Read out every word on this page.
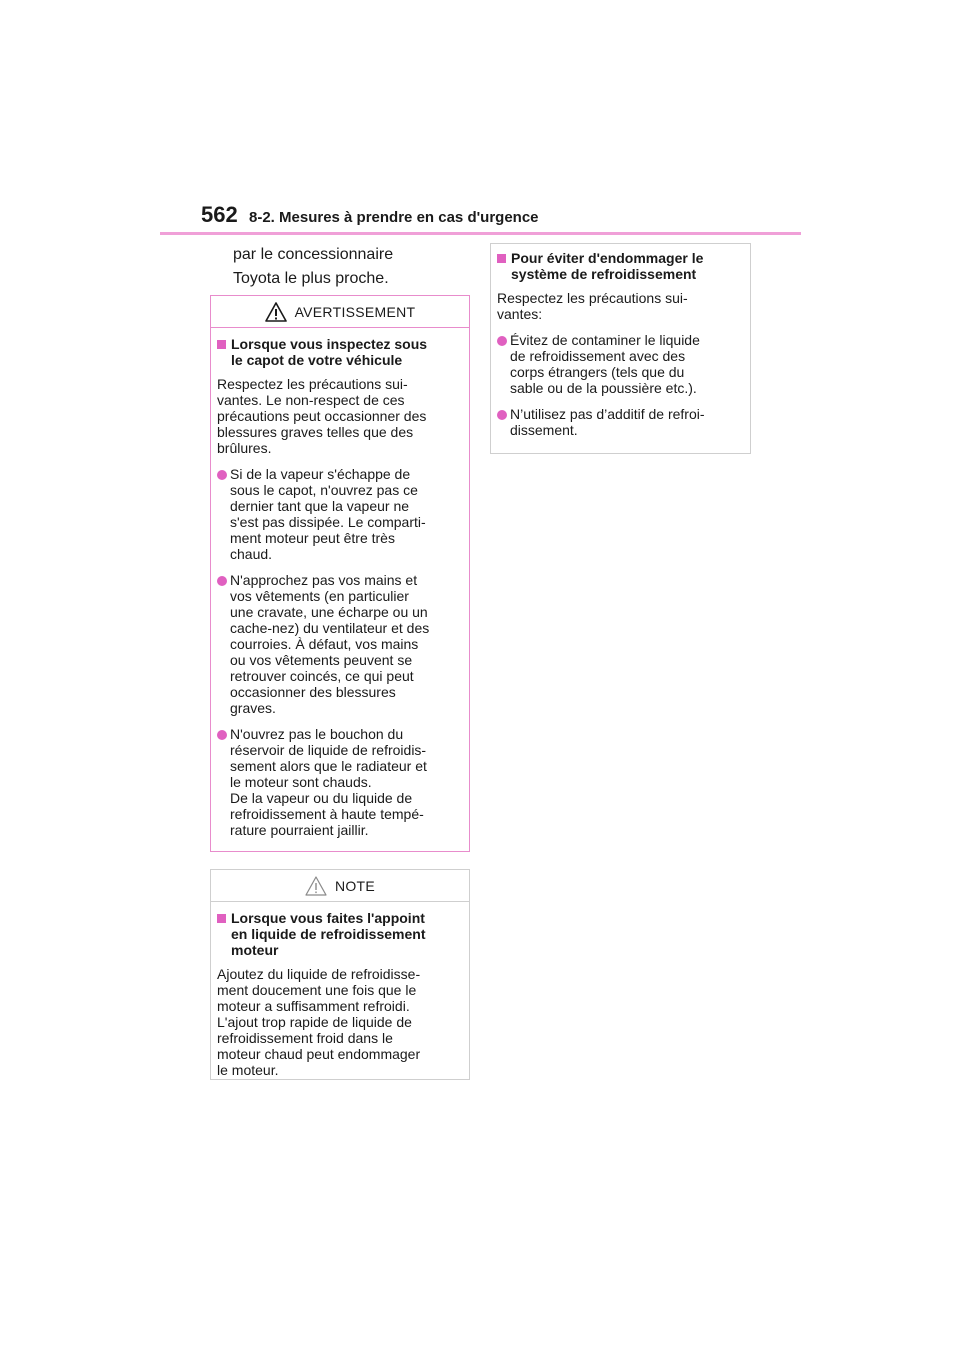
562 8-2. Mesures à prendre en cas d'urgence
par le concessionnaire
Toyota le plus proche.
AVERTISSEMENT
Lorsque vous inspectez sous
le capot de votre véhicule
Respectez les précautions sui-
vantes. Le non-respect de ces
précautions peut occasionner des
blessures graves telles que des
brûlures.
Si de la vapeur s'échappe de
sous le capot, n'ouvrez pas ce
dernier tant que la vapeur ne
s'est pas dissipée. Le comparti-
ment moteur peut être très
chaud.
N'approchez pas vos mains et
vos vêtements (en particulier
une cravate, une écharpe ou un
cache-nez) du ventilateur et des
courroies. À défaut, vos mains
ou vos vêtements peuvent se
retrouver coincés, ce qui peut
occasionner des blessures
graves.
N'ouvrez pas le bouchon du
réservoir de liquide de refroidis-
sement alors que le radiateur et
le moteur sont chauds.
De la vapeur ou du liquide de
refroidissement à haute tempé-
rature pourraient jaillir.
NOTE
Lorsque vous faites l'appoint
en liquide de refroidissement
moteur
Ajoutez du liquide de refroidisse-
ment doucement une fois que le
moteur a suffisamment refroidi.
L'ajout trop rapide de liquide de
refroidissement froid dans le
moteur chaud peut endommager
le moteur.
Pour éviter d'endommager le
système de refroidissement
Respectez les précautions sui-
vantes:
Évitez de contaminer le liquide
de refroidissement avec des
corps étrangers (tels que du
sable ou de la poussière etc.).
N’utilisez pas d’additif de refroi-
dissement.
